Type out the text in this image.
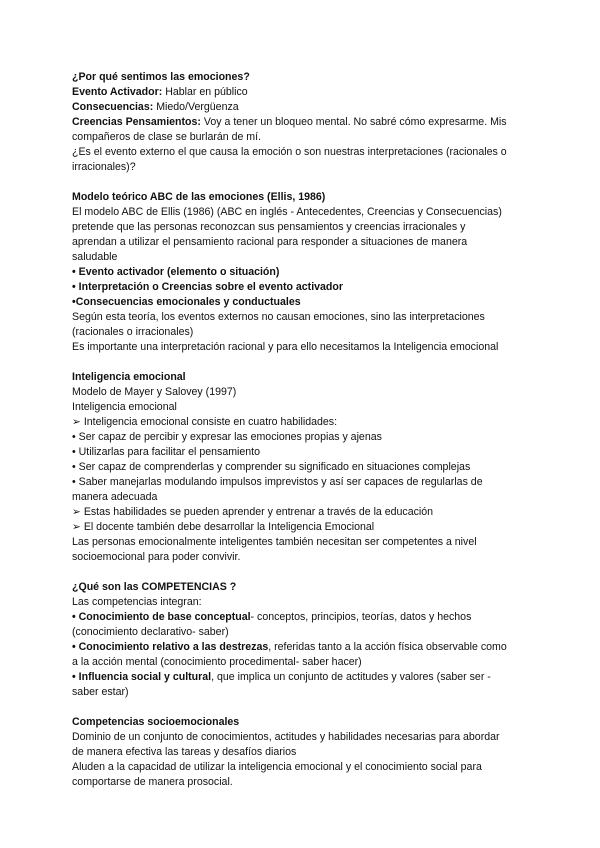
¿Por qué sentimos las emociones?
Evento Activador: Hablar en público
Consecuencias: Miedo/Vergüenza
Creencias Pensamientos: Voy a tener un bloqueo mental. No sabré cómo expresarme. Mis
compañeros de clase se burlarán de mí.
¿Es el evento externo el que causa la emoción o son nuestras interpretaciones (racionales o
irracionales)?
Modelo teórico ABC de las emociones (Ellis, 1986)
El modelo ABC de Ellis (1986) (ABC en inglés - Antecedentes, Creencias y Consecuencias)
pretende que las personas reconozcan sus pensamientos y creencias irracionales y
aprendan a utilizar el pensamiento racional para responder a situaciones de manera
saludable
• Evento activador (elemento o situación)
• Interpretación o Creencias sobre el evento activador
•Consecuencias emocionales y conductuales
Según esta teoría, los eventos externos no causan emociones, sino las interpretaciones
(racionales o irracionales)
Es importante una interpretación racional y para ello necesitamos la Inteligencia emocional
Inteligencia emocional
Modelo de Mayer y Salovey (1997)
Inteligencia emocional
➢ Inteligencia emocional consiste en cuatro habilidades:
• Ser capaz de percibir y expresar las emociones propias y ajenas
• Utilizarlas para facilitar el pensamiento
• Ser capaz de comprenderlas y comprender su significado en situaciones complejas
• Saber manejarlas modulando impulsos imprevistos y así ser capaces de regularlas de
manera adecuada
➢ Estas habilidades se pueden aprender y entrenar a través de la educación
➢ El docente también debe desarrollar la Inteligencia Emocional
Las personas emocionalmente inteligentes también necesitan ser competentes a nivel
socioemocional para poder convivir.
¿Qué son las COMPETENCIAS ?
Las competencias integran:
• Conocimiento de base conceptual- conceptos, principios, teorías, datos y hechos
(conocimiento declarativo- saber)
• Conocimiento relativo a las destrezas, referidas tanto a la acción física observable como
a la acción mental (conocimiento procedimental- saber hacer)
• Influencia social y cultural, que implica un conjunto de actitudes y valores (saber ser -
saber estar)
Competencias socioemocionales
Dominio de un conjunto de conocimientos, actitudes y habilidades necesarias para abordar
de manera efectiva las tareas y desafíos diarios
Aluden a la capacidad de utilizar la inteligencia emocional y el conocimiento social para
comportarse de manera prosocial.
